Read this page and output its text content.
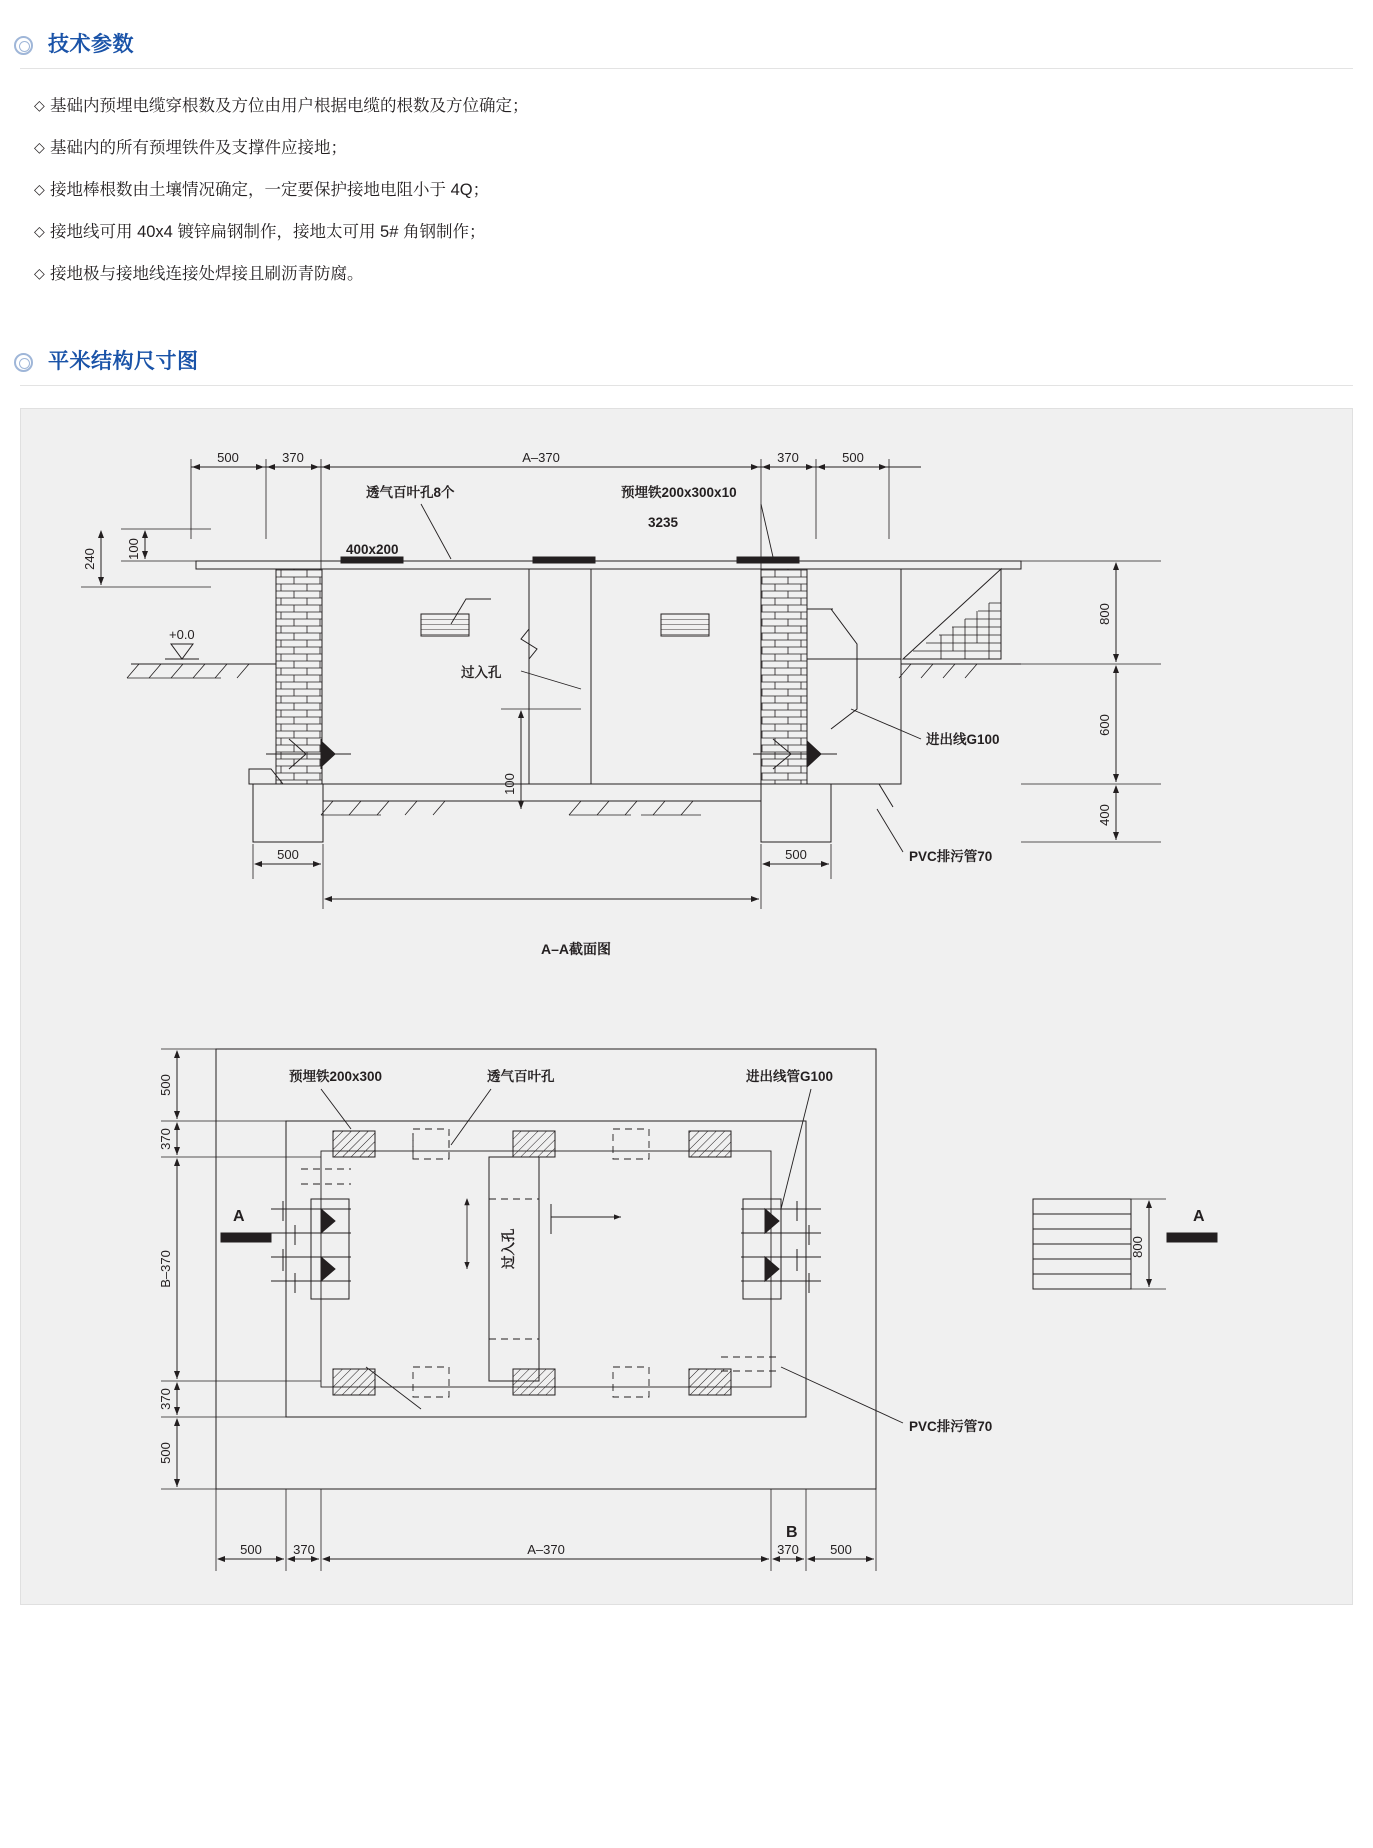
技术参数
◇ 基础内预埋电缆穿根数及方位由用户根据电缆的根数及方位确定；
◇ 基础内的所有预埋铁件及支撑件应接地；
◇ 接地棒根数由土壤情况确定，一定要保护接地电阻小于 4Q；
◇ 接地线可用 40x4 镀锌扁钢制作，接地太可用 5# 角钢制作；
◇ 接地极与接地线连接处焊接且刷沥青防腐。
平米结构尺寸图
500	370	A–370	370	500
100
240
+0.0
100
800
600
400
500	500
透气百叶孔8个	预埋铁200x300x10
3235
400x200
过入孔
进出线G100
PVC排污管70
A–A截面图
过入孔
A	A
B
800
500
370
B–370
370
500
500 370	A–370	370 500
预埋铁200x300	透气百叶孔	进出线管G100
PVC排污管70
